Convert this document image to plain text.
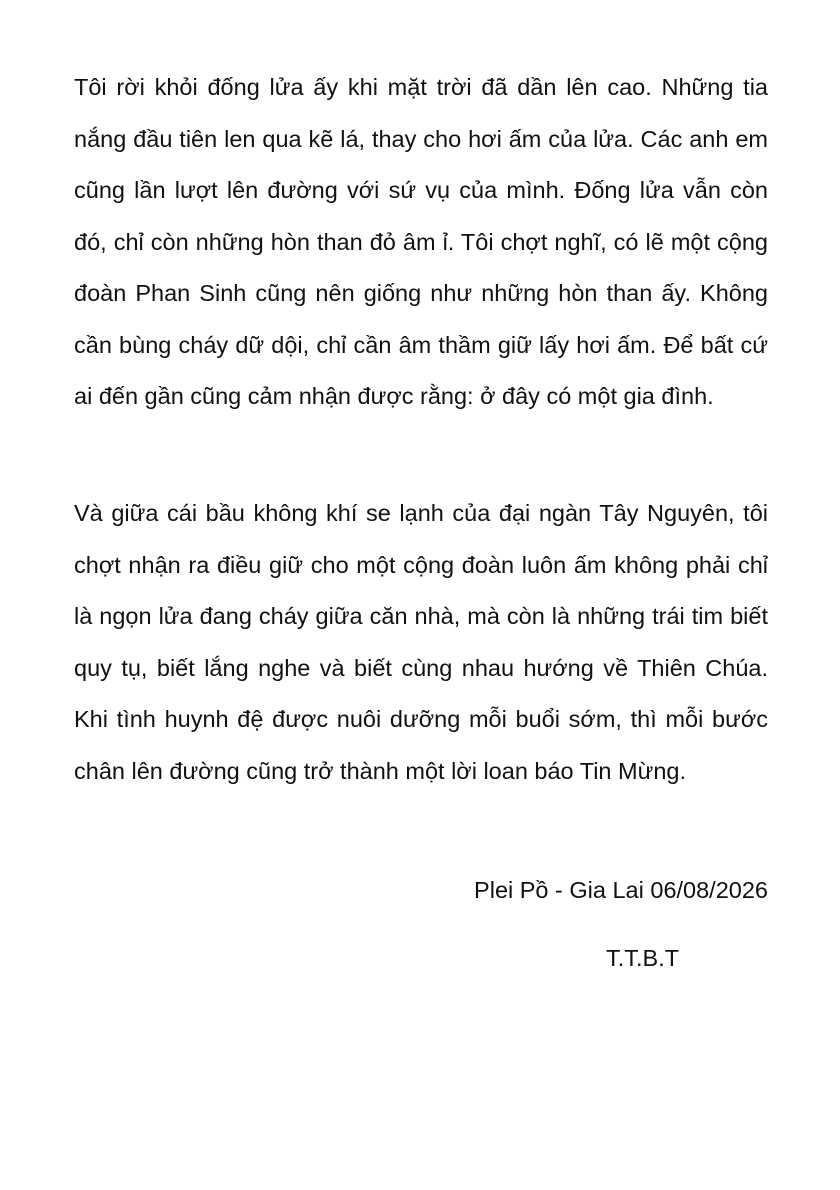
Tôi rời khỏi đống lửa ấy khi mặt trời đã dần lên cao. Những tia nắng đầu tiên len qua kẽ lá, thay cho hơi ấm của lửa. Các anh em cũng lần lượt lên đường với sứ vụ của mình. Đống lửa vẫn còn đó, chỉ còn những hòn than đỏ âm ỉ. Tôi chợt nghĩ, có lẽ một cộng đoàn Phan Sinh cũng nên giống như những hòn than ấy. Không cần bùng cháy dữ dội, chỉ cần âm thầm giữ lấy hơi ấm. Để bất cứ ai đến gần cũng cảm nhận được rằng: ở đây có một gia đình.

Và giữa cái bầu không khí se lạnh của đại ngàn Tây Nguyên, tôi chợt nhận ra điều giữ cho một cộng đoàn luôn ấm không phải chỉ là ngọn lửa đang cháy giữa căn nhà, mà còn là những trái tim biết quy tụ, biết lắng nghe và biết cùng nhau hướng về Thiên Chúa. Khi tình huynh đệ được nuôi dưỡng mỗi buổi sớm, thì mỗi bước chân lên đường cũng trở thành một lời loan báo Tin Mừng.

Plei Pồ - Gia Lai 06/08/2026

T.T.B.T
